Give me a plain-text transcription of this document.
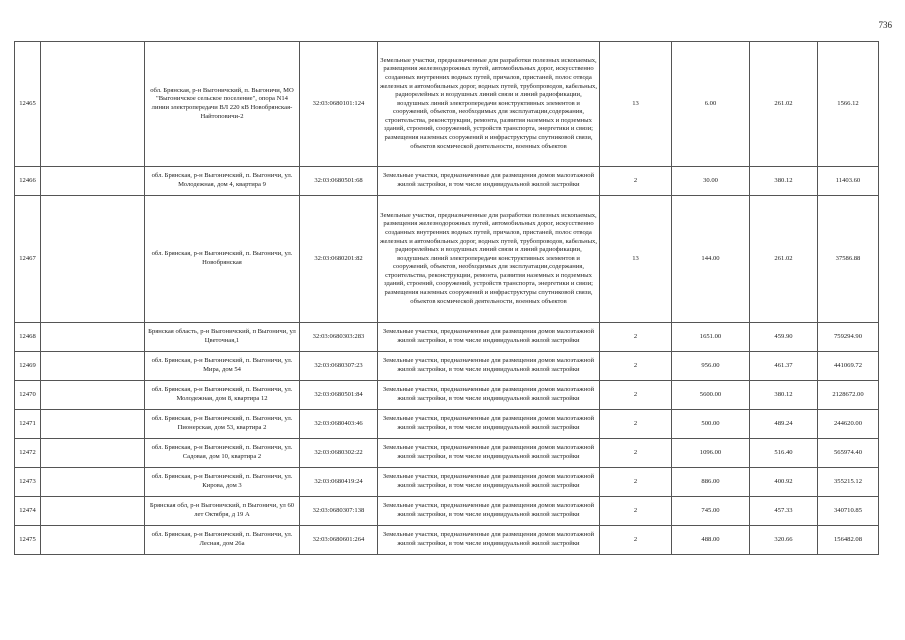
736
12465		обл. Брянская, р-н Выгоничский, п. Выгоничи, МО "Выгоничское сельское поселение", опора N14 линии электропередачи ВЛ 220 кВ Новобрянская-Найтоповичи-2	32:03:0680101:124	Земельные участки, предназначенные для разработки полезных ископаемых, размещения железнодорожных путей, автомобильных дорог, искусственно созданных внутренних водных путей, причалов, пристаней, полос отвода железных и автомобильных дорог, водных путей, трубопроводов, кабельных, радиорелейных и воздушных линий связи и линий радиофикации, воздушных линий электропередачи конструктивных элементов и сооружений, объектов, необходимых для эксплуатации,содержания, строительства, реконструкции, ремонта, развития наземных и подземных зданий, строений, сооружений, устройств транспорта, энергетики и связи; размещения наземных сооружений и инфраструктуры спутниковой связи, объектов космической деятельности, военных объектов	13	6.00	261.02	1566.12
12466		обл. Брянская, р-н Выгоничский, п. Выгоничи, ул. Молодежная, дом 4, квартира 9	32:03:0680501:68	Земельные участки, предназначенные для размещения домов малоэтажной жилой застройки, в том числе индивидуальной жилой застройки	2	30.00	380.12	11403.60
12467		обл. Брянская, р-н Выгоничский, п. Выгоничи, ул. Новобрянская	32:03:0680201:82	Земельные участки, предназначенные для разработки полезных ископаемых, размещения железнодорожных путей, автомобильных дорог, искусственно созданных внутренних водных путей, причалов, пристаней, полос отвода железных и автомобильных дорог, водных путей, трубопроводов, кабельных, радиорелейных и воздушных линий связи и линий радиофикации, воздушных линий электропередачи конструктивных элементов и сооружений, объектов, необходимых для эксплуатации,содержания, строительства, реконструкции, ремонта, развития наземных и подземных зданий, строений, сооружений, устройств транспорта, энергетики и связи; размещения наземных сооружений и инфраструктуры спутниковой связи, объектов космической деятельности, военных объектов	13	144.00	261.02	37586.88
12468		Брянская область, р-н Выгоничский, п Выгоничи, ул Цветочная,1	32:03:0680303:283	Земельные участки, предназначенные для размещения домов малоэтажной жилой застройки, в том числе индивидуальной жилой застройки	2	1651.00	459.90	759294.90
12469		обл. Брянская, р-н Выгоничский, п. Выгоничи, ул. Мира, дом 54	32:03:0680307:23	Земельные участки, предназначенные для размещения домов малоэтажной жилой застройки, в том числе индивидуальной жилой застройки	2	956.00	461.37	441069.72
12470		обл. Брянская, р-н Выгоничский, п. Выгоничи, ул. Молодежная, дом 8, квартира 12	32:03:0680501:84	Земельные участки, предназначенные для размещения домов малоэтажной жилой застройки, в том числе индивидуальной жилой застройки	2	5600.00	380.12	2128672.00
12471		обл. Брянская, р-н Выгоничский, п. Выгоничи, ул. Пионерская, дом 53, квартира 2	32:03:0680403:46	Земельные участки, предназначенные для размещения домов малоэтажной жилой застройки, в том числе индивидуальной жилой застройки	2	500.00	489.24	244620.00
12472		обл. Брянская, р-н Выгоничский, п. Выгоничи, ул. Садовая, дом 10, квартира 2	32:03:0680302:22	Земельные участки, предназначенные для размещения домов малоэтажной жилой застройки, в том числе индивидуальной жилой застройки	2	1096.00	516.40	565974.40
12473		обл. Брянская, р-н Выгоничский, п. Выгоничи, ул. Кирова, дом 3	32:03:0680419:24	Земельные участки, предназначенные для размещения домов малоэтажной жилой застройки, в том числе индивидуальной жилой застройки	2	886.00	400.92	355215.12
12474		Брянская обл, р-н Выгоничский, п Выгоничи, ул 60 лет Октября, д 19 А	32:03:0680307:138	Земельные участки, предназначенные для размещения домов малоэтажной жилой застройки, в том числе индивидуальной жилой застройки	2	745.00	457.33	340710.85
12475		обл. Брянская, р-н Выгоничский, п. Выгоничи, ул. Лесная, дом 26а	32:03:0680601:264	Земельные участки, предназначенные для размещения домов малоэтажной жилой застройки, в том числе индивидуальной жилой застройки	2	488.00	320.66	156482.08
